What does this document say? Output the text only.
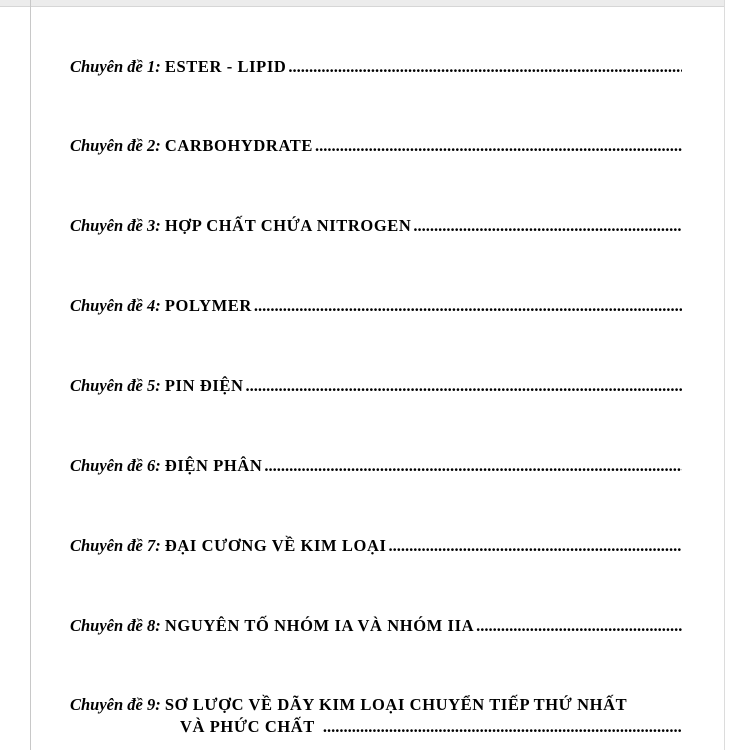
Chuyên đề 1:
ESTER - LIPID
.....
Chuyên đề 2:
CARBOHYDRATE
.....
Chuyên đề 3:
HỢP CHẤT CHỨA NITROGEN
.....
Chuyên đề 4:
POLYMER
.....
Chuyên đề 5:
PIN ĐIỆN
.....
Chuyên đề 6:
ĐIỆN PHÂN
.....
Chuyên đề 7:
ĐẠI CƯƠNG VỀ KIM LOẠI
.....
Chuyên đề 8:
NGUYÊN TỐ NHÓM IA VÀ NHÓM IIA
.....
Chuyên đề 9:
SƠ LƯỢC VỀ DÃY KIM LOẠI CHUYỂN TIẾP THỨ NHẤT
VÀ PHỨC CHẤT
.....
